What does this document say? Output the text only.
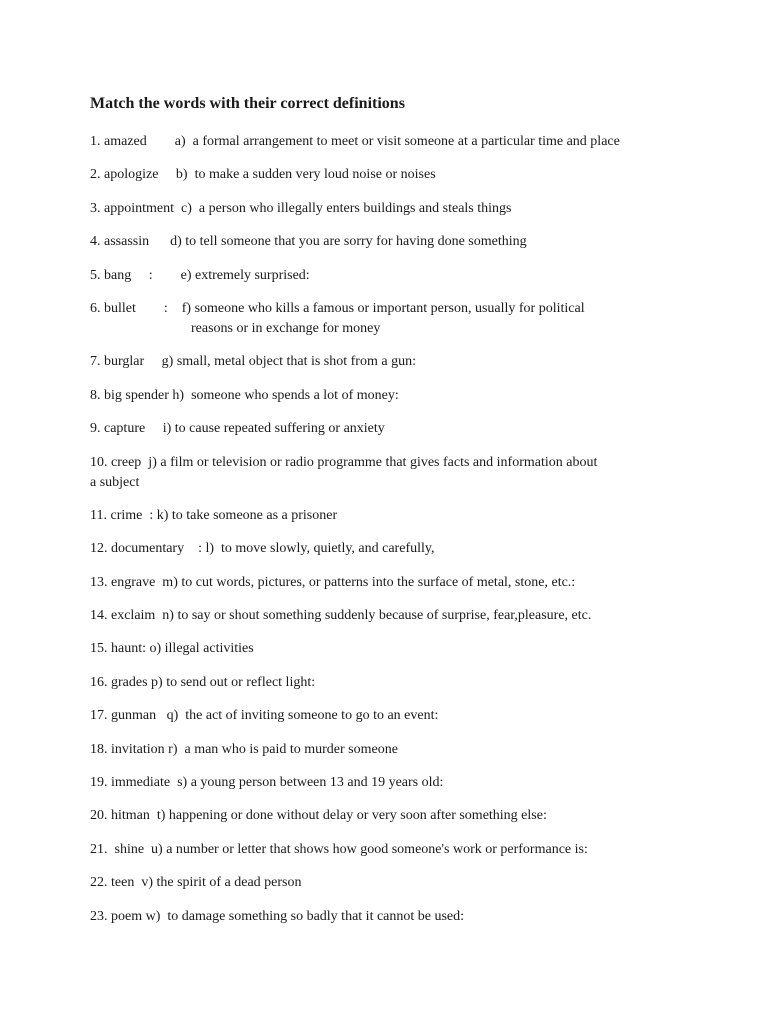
Match the words with their correct definitions
1. amazed        a)  a formal arrangement to meet or visit someone at a particular time and place
2. apologize     b)  to make a sudden very loud noise or noises
3. appointment  c)  a person who illegally enters buildings and steals things
4. assassin      d) to tell someone that you are sorry for having done something
5. bang     :        e) extremely surprised:
6. bullet        :    f) someone who kills a famous or important person, usually for political
reasons or in exchange for money
7. burglar     g) small, metal object that is shot from a gun:
8. big spender h)  someone who spends a lot of money:
9. capture     i) to cause repeated suffering or anxiety
10. creep  j) a film or television or radio programme that gives facts and information about
a subject
11. crime  : k) to take someone as a prisoner
12. documentary    : l)  to move slowly, quietly, and carefully,
13. engrave  m) to cut words, pictures, or patterns into the surface of metal, stone, etc.:
14. exclaim  n) to say or shout something suddenly because of surprise, fear,pleasure, etc.
15. haunt: o) illegal activities
16. grades p) to send out or reflect light:
17. gunman   q)  the act of inviting someone to go to an event:
18. invitation r)  a man who is paid to murder someone
19. immediate  s) a young person between 13 and 19 years old:
20. hitman  t) happening or done without delay or very soon after something else:
21.  shine  u) a number or letter that shows how good someone's work or performance is:
22. teen  v) the spirit of a dead person
23. poem w)  to damage something so badly that it cannot be used:
